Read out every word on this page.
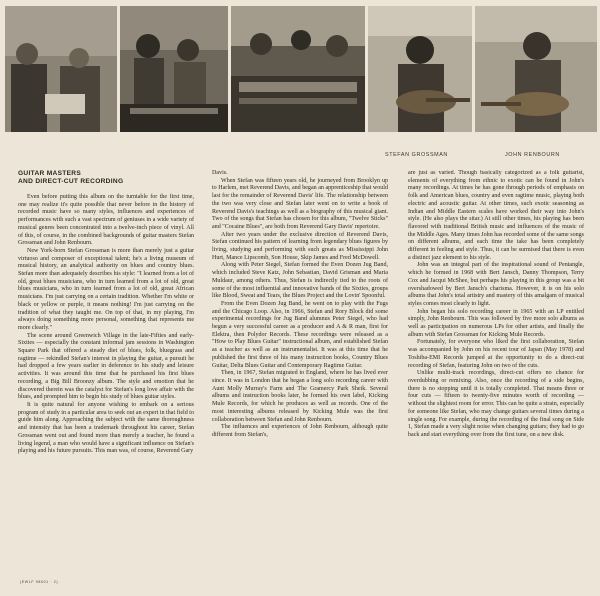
STEFAN GROSSMAN	JOHN RENBOURN
GUITAR MASTERS
AND DIRECT-CUT RECORDING

Even before putting this album on the turntable for the first time, one may realize it's quite possible that never before in the history of recorded music have so many styles, influences and experiences of performances with such a vast spectrum of geniuses in a wide variety of musical genres been concentrated into a twelve-inch piece of vinyl. All of this, of course, in the combined backgrounds of guitar masters Stefan Grossman and John Renbourn.

New York-born Stefan Grossman is more than merely just a guitar virtuoso and composer of exceptional talent; he's a living museum of musical history, an analytical authority on blues and country blues. Stefan more than adequately describes his style: "I learned from a lot of old, great blues musicians, who in turn learned from a lot of old, great blues musicians, who in turn learned from a lot of old, great African musicians. I'm just carrying on a certain tradition. Whether I'm white or black or yellow or purple, it means nothing! I'm just carrying on the tradition of what they taught me. On top of that, in my playing, I'm always doing something more personal, something that represents me more clearly."

The scene around Greenwich Village in the late-Fifties and early-Sixties — especially the constant informal jam sessions in Washington Square Park that offered a steady diet of blues, folk, bluegrass and ragtime — rekindled Stefan's interest in playing the guitar, a pursuit he had dropped a few years earlier in deference to his study and leisure activities. It was around this time that he purchased his first blues recording, a Big Bill Broonzy album. The style and emotion that he discovered therein was the catalyst for Stefan's long love affair with the blues, and prompted him to begin his study of blues guitar styles.

It is quite natural for anyone wishing to embark on a serious program of study in a particular area to seek out an expert in that field to guide him along. Approaching the subject with the same thoroughness and intensity that has been a trademark throughout his career, Stefan Grossman went out and found more than merely a teacher, he found a living legend, a man who would have a significant influence on Stefan's playing and his future pursuits. This man was, of course, Reverend Gary

Davis.

When Stefan was fifteen years old, he journeyed from Brooklyn up to Harlem, met Reverend Davis, and began an apprenticeship that would last for the remainder of Reverend Davis' life. The relationship between the two was very close and Stefan later went on to write a book of Reverend Davis's teachings as well as a biography of this musical giant. Two of the songs that Stefan has chosen for this album, "Twelve Sticks" and "Cocaine Blues", are both from Reverend Gary Davis' repertoire.

After two years under the exclusive direction of Reverend Davis, Stefan continued his pattern of learning from legendary blues figures by living, studying and performing with such greats as Mississippi John Hurt, Mance Lipscomb, Son House, Skip James and Fred McDowell.

Along with Peter Siegel, Stefan formed the Even Dozen Jug Band, which included Steve Katz, John Sebastian, David Grisman and Maria Muldaur, among others. Thus, Stefan is indirectly tied to the roots of some of the most influential and innovative bands of the Sixties, groups like Blood, Sweat and Tears, the Blues Project and the Lovin' Spoonful.

From the Even Dozen Jug Band, he went on to play with the Fugs and the Chicago Loop. Also, in 1966, Stefan and Rory Block did some experimental recordings for Jug Band alumnus Peter Siegel, who had begun a very successful career as a producer and A & R man, first for Elektra, then Polydor Records. These recordings were released as a "How to Play Blues Guitar" instructional album, and established Stefan as a teacher as well as an instrumentalist. It was at this time that he published the first three of his many instruction books, Country Blues Guitar, Delta Blues Guitar and Contemporary Ragtime Guitar.

Then, in 1967, Stefan migrated to England, where he has lived ever since. It was in London that he began a long solo recording career with Aunt Molly Murray's Farm and The Gramercy Park Sheik. Several albums and instruction books later, he formed his own label, Kicking Mule Records, for which he produces as well as records. One of the most interesting albums released by Kicking Mule was the first collaboration between Stefan and John Renbourn.

The influences and experiences of John Renbourn, although quite different from Stefan's,

are just as varied. Though basically categorized as a folk guitarist, elements of everything from ethnic to exotic can be found in John's many recordings. At times he has gone through periods of emphasis on folk and American blues, country and even ragtime music, playing both electric and acoustic guitar. At other times, such exotic seasoning as Indian and Middle Eastern scales have worked their way into John's style. (He also plays the sitar.) At still other times, his playing has been flavored with traditional British music and influences of the music of the Middle Ages. Many times John has recorded some of the same songs on different albums, and each time the take has been completely different in feeling and style. Thus, it can be surmised that there is even a distinct jazz element to his style.

John was an integral part of the inspirational sound of Pentangle, which he formed in 1968 with Bert Jansch, Danny Thompson, Terry Cox and Jacqui McShee, but perhaps his playing in this group was a bit overshadowed by Bert Jansch's charisma. However, it is on his solo albums that John's total artistry and mastery of this amalgam of musical styles comes most clearly to light.

John began his solo recording career in 1965 with an LP entitled simply, John Renbourn. This was followed by five more solo albums as well as participation on numerous LPs for other artists, and finally the album with Stefan Grossman for Kicking Mule Records.

Fortunately, for everyone who liked the first collaboration, Stefan was accompanied by John on his recent tour of Japan (May 1978) and Toshiba-EMI Records jumped at the opportunity to do a direct-cut recording of Stefan, featuring John on two of the cuts.

Unlike multi-track recordings, direct-cut offers no chance for overdubbing or remixing. Also, once the recording of a side begins, there is no stopping until it is totally completed. That means three or four cuts — fifteen to twenty-five minutes worth of recording — without the slightest room for error. This can be quite a strain, especially for someone like Stefan, who may change guitars several times during a single song. For example, during the recording of the final song on Side 1, Stefan made a very slight noise when changing guitars; they had to go back and start everything over from the first tune, on a new disk.

(EWLF 98001 · 2)
